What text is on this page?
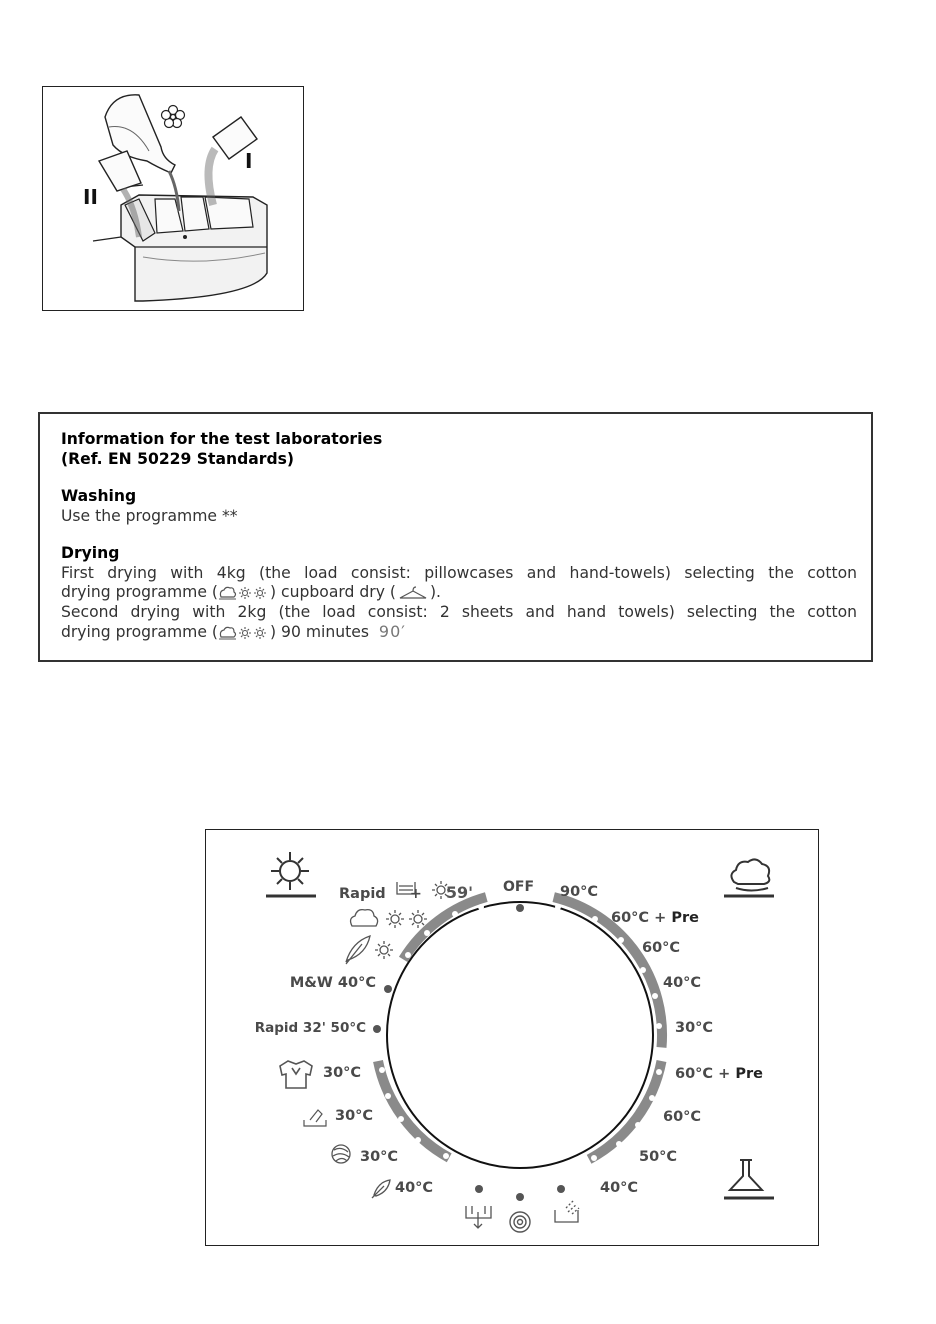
I
II

Information for the test laboratories

(Ref. EN 50229 Standards)

Washing

Use the programme **

Drying

First drying with 4kg (the load consist: pillowcases and hand-towels) selecting the cotton

drying programme (	) cupboard dry ( ).

Second drying with 2kg (the load consist: 2 sheets and hand towels) selecting the cotton

drying programme (	) 90 minutes 90′

Rapid + 59' OFF
M&W 40°C
Rapid 32' 50°C
30°C
30°C
30°C
40°C
90°C
60°C + Pre
60°C
40°C
30°C
60°C + Pre
60°C
50°C
40°C
